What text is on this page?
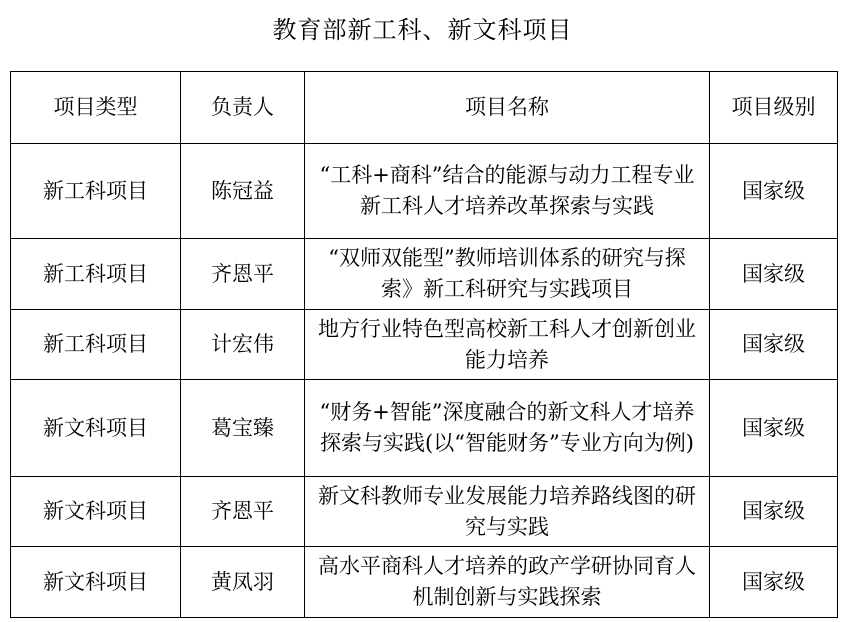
教育部新工科、新文科项目
项目类型	负责人	项目名称	项目级别
新工科项目	陈冠益	“工科+商科”结合的能源与动力工程专业新工科人才培养改革探索与实践	国家级
新工科项目	齐恩平	“双师双能型”教师培训体系的研究与探索》新工科研究与实践项目	国家级
新工科项目	计宏伟	地方行业特色型高校新工科人才创新创业能力培养	国家级
新文科项目	葛宝臻	“财务+智能”深度融合的新文科人才培养探索与实践(以“智能财务”专业方向为例)	国家级
新文科项目	齐恩平	新文科教师专业发展能力培养路线图的研究与实践	国家级
新文科项目	黄凤羽	高水平商科人才培养的政产学研协同育人机制创新与实践探索	国家级
